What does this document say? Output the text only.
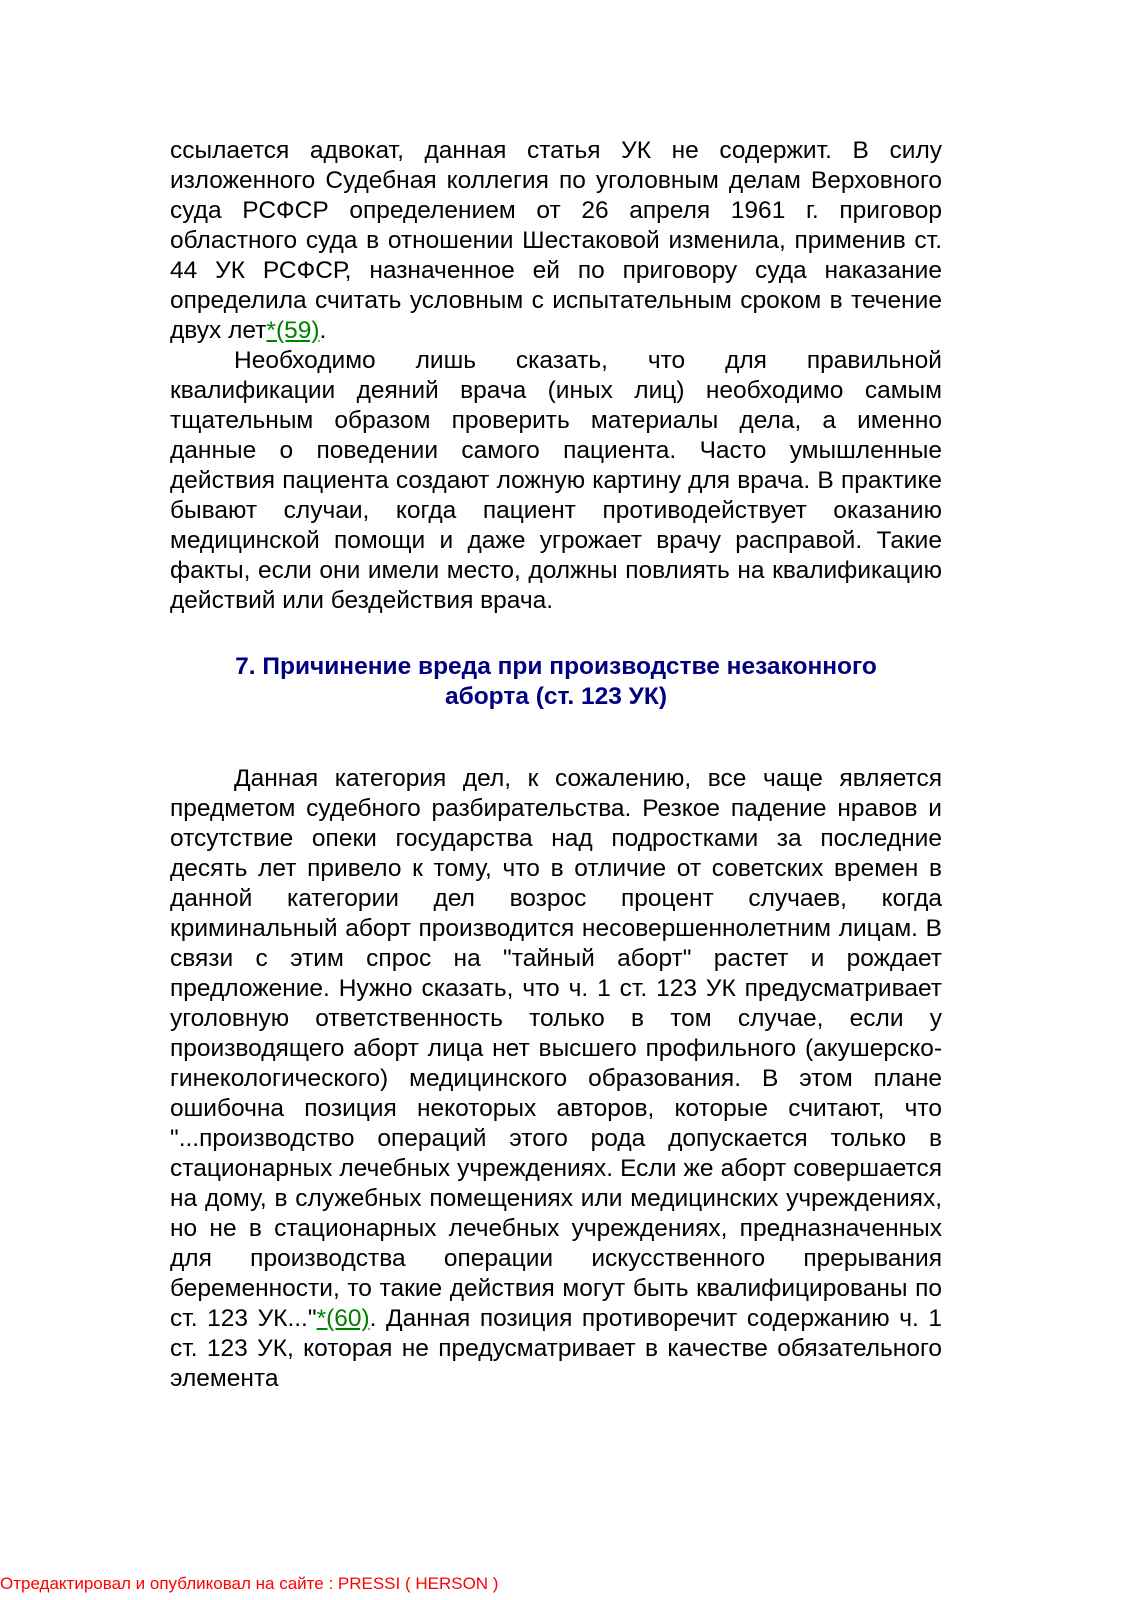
ссылается адвокат, данная статья УК не содержит. В силу изложенного Судебная коллегия по уголовным делам Верховного суда РСФСР определением от 26 апреля 1961 г. приговор областного суда в отношении Шестаковой изменила, применив ст. 44 УК РСФСР, назначенное ей по приговору суда наказание определила считать условным с испытательным сроком в течение двух лет*(59).

Необходимо лишь сказать, что для правильной квалификации деяний врача (иных лиц) необходимо самым тщательным образом проверить материалы дела, а именно данные о поведении самого пациента. Часто умышленные действия пациента создают ложную картину для врача. В практике бывают случаи, когда пациент противодействует оказанию медицинской помощи и даже угрожает врачу расправой. Такие факты, если они имели место, должны повлиять на квалификацию действий или бездействия врача.

7. Причинение вреда при производстве незаконного
аборта (ст. 123 УК)

Данная категория дел, к сожалению, все чаще является предметом судебного разбирательства. Резкое падение нравов и отсутствие опеки государства над подростками за последние десять лет привело к тому, что в отличие от советских времен в данной категории дел возрос процент случаев, когда криминальный аборт производится несовершеннолетним лицам. В связи с этим спрос на "тайный аборт" растет и рождает предложение. Нужно сказать, что ч. 1 ст. 123 УК предусматривает уголовную ответственность только в том случае, если у производящего аборт лица нет высшего профильного (акушерско-гинекологического) медицинского образования. В этом плане ошибочна позиция некоторых авторов, которые считают, что "...производство операций этого рода допускается только в стационарных лечебных учреждениях. Если же аборт совершается на дому, в служебных помещениях или медицинских учреждениях, но не в стационарных лечебных учреждениях, предназначенных для производства операции искусственного прерывания беременности, то такие действия могут быть квалифицированы по ст. 123 УК..."*(60). Данная позиция противоречит содержанию ч. 1 ст. 123 УК, которая не предусматривает в качестве обязательного элемента

Отредактировал и опубликовал на сайте : PRESSI ( HERSON )
